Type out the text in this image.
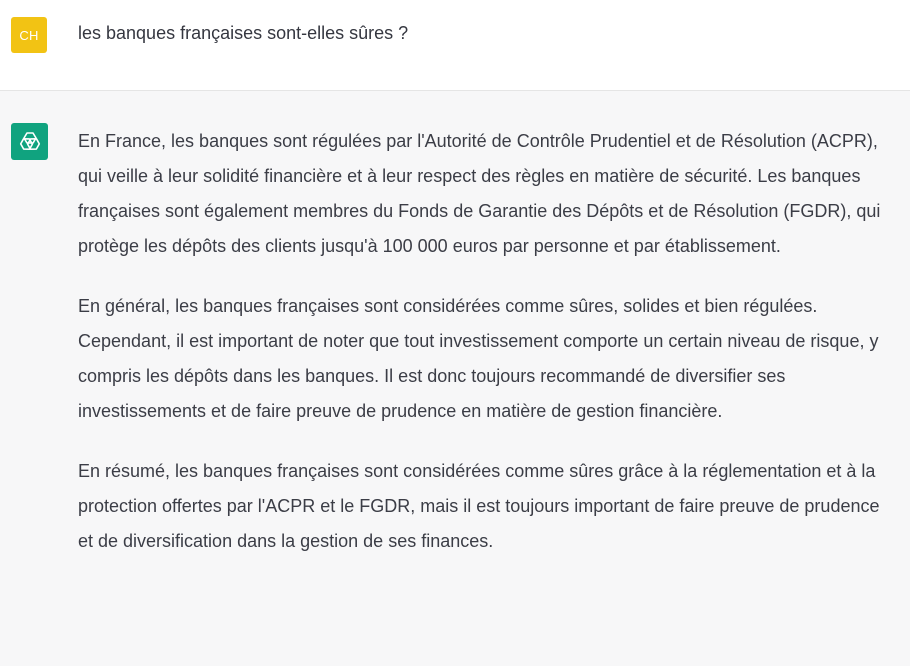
CH les banques françaises sont-elles sûres ?

En France, les banques sont régulées par l'Autorité de Contrôle Prudentiel et de Résolution (ACPR), qui veille à leur solidité financière et à leur respect des règles en matière de sécurité. Les banques françaises sont également membres du Fonds de Garantie des Dépôts et de Résolution (FGDR), qui protège les dépôts des clients jusqu'à 100 000 euros par personne et par établissement.

En général, les banques françaises sont considérées comme sûres, solides et bien régulées. Cependant, il est important de noter que tout investissement comporte un certain niveau de risque, y compris les dépôts dans les banques. Il est donc toujours recommandé de diversifier ses investissements et de faire preuve de prudence en matière de gestion financière.

En résumé, les banques françaises sont considérées comme sûres grâce à la réglementation et à la protection offertes par l'ACPR et le FGDR, mais il est toujours important de faire preuve de prudence et de diversification dans la gestion de ses finances.
